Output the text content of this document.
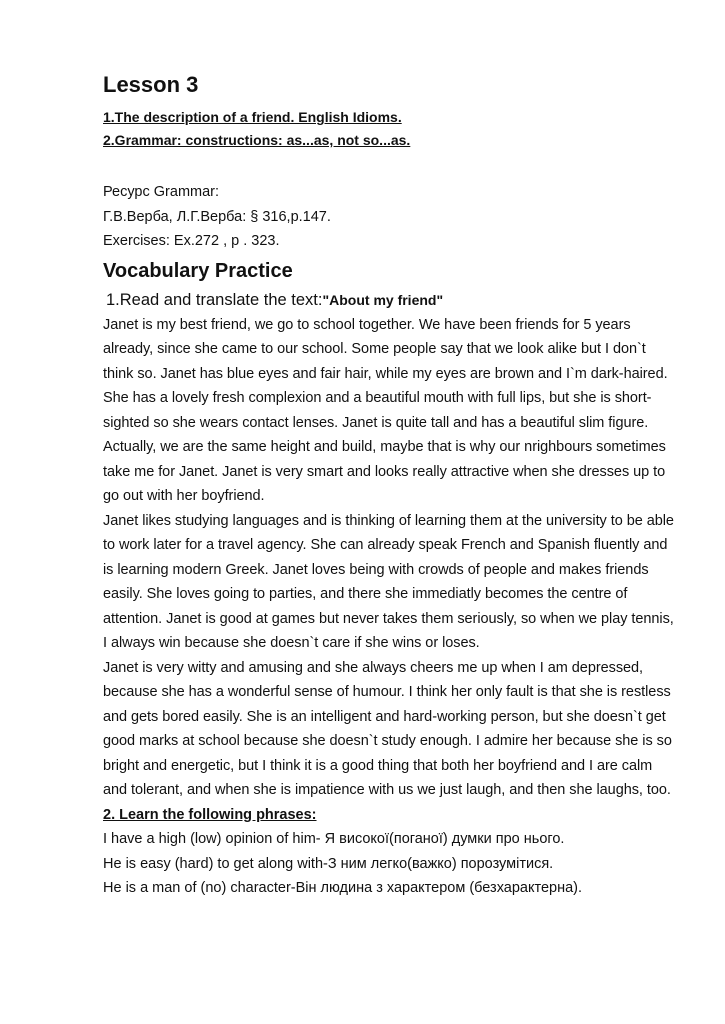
Lesson 3

1.The description of a friend. English Idioms.

2.Grammar: constructions: as...as, not so...as.

Ресурс Grammar:

Г.В.Верба, Л.Г.Верба: § 316,р.147.

Exercises: Ex.272 , p . 323.

Vocabulary Practice

1.Read and translate the text:"About my friend"

Janet is my best friend, we go to school together. We have been friends for 5 years already, since she came to our school. Some people say that we look alike but I don`t think so. Janet has blue eyes and fair hair, while my eyes are brown and I`m dark-haired. She has a lovely fresh complexion and a beautiful mouth with full lips, but she is short-sighted so she wears contact lenses. Janet is quite tall and has a beautiful slim figure. Actually, we are the same height and build, maybe that is why our nrighbours sometimes take me for Janet. Janet is very smart and looks really attractive when she dresses up to go out with her boyfriend.

Janet likes studying languages and is thinking of learning them at the university to be able to work later for a travel agency. She can already speak French and Spanish fluently and is learning modern Greek. Janet loves being with crowds of people and makes friends easily. She loves going to parties, and there she immediatly becomes the centre of attention. Janet is good at games but never takes them seriously, so when we play tennis, I always win because she doesn`t care if she wins or loses.

Janet is very witty and amusing and she always cheers me up when I am depressed, because she has a wonderful sense of humour. I think her only fault is that she is restless and gets bored easily. She is an intelligent and hard-working person, but she doesn`t get good marks at school because she doesn`t study enough. I admire her because she is so bright and energetic, but I think it is a good thing that both her boyfriend and I are calm and tolerant, and when she is impatience with us we just laugh, and then she laughs, too.

2. Learn the following phrases:

I have a high (low) opinion of him- Я високої(поганої) думки про нього.

He is easy (hard) to get along with-З ним легко(важко) порозумітися.

He is a man of (no) character-Він людина з характером (безхарактерна).
